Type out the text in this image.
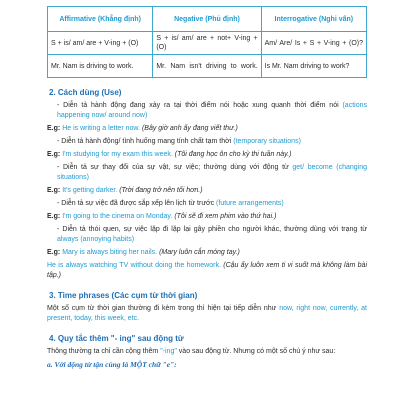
Affirmative (Khẳng định)	Negative (Phủ định)	Interrogative (Nghi vấn)
S + is/ am/ are + V-ing + (O)	S + is/ am/ are + not+ V-ing + (O)	Am/ Are/ Is + S + V-ing + (O)?
Mr. Nam is driving to work.	Mr. Nam isn't driving to work.	Is Mr. Nam driving to work?
2. Cách dùng (Use)

- Diễn tả hành động đang xảy ra tại thời điểm nói hoặc xung quanh thời điểm nói (actions happening now/ around now)

E.g: He is writing a letter now. (Bây giờ anh ấy đang viết thư.)

- Diễn tả hành động/ tình huống mang tính chất tạm thời (temporary situations)

E.g: I'm studying for my exam this week. (Tôi đang học ôn cho kỳ thi tuần này.)

- Diễn tả sự thay đổi của sự vật, sự việc; thường dùng với động từ get/ become (changing situations)

E.g: It's getting darker. (Trời đang trở nên tối hơn.)

- Diễn tả sự việc đã được sắp xếp lên lịch từ trước (future arrangements)

E.g: I'm going to the cinema on Monday. (Tôi sẽ đi xem phim vào thứ hai.)

- Diễn tả thói quen, sự việc lặp đi lặp lại gây phiền cho người khác, thường dùng với trạng từ always (annoying habits)

E.g: Mary is always biting her nails. (Mary luôn cắn móng tay.)

He is always watching TV without doing the homework. (Cậu ấy luôn xem ti vi suốt mà không làm bài tập.)

3. Time phrases (Các cụm từ thời gian)

Một số cụm từ thời gian thường đi kèm trong thì hiện tại tiếp diễn như now, right now, currently, at present, today, this week, etc.

4. Quy tắc thêm "- ing" sau động từ

Thông thường ta chỉ cần cộng thêm "-ing" vào sau động từ. Nhưng có một số chú ý như sau:

a. Với động từ tận cùng là MỘT chữ "e":
